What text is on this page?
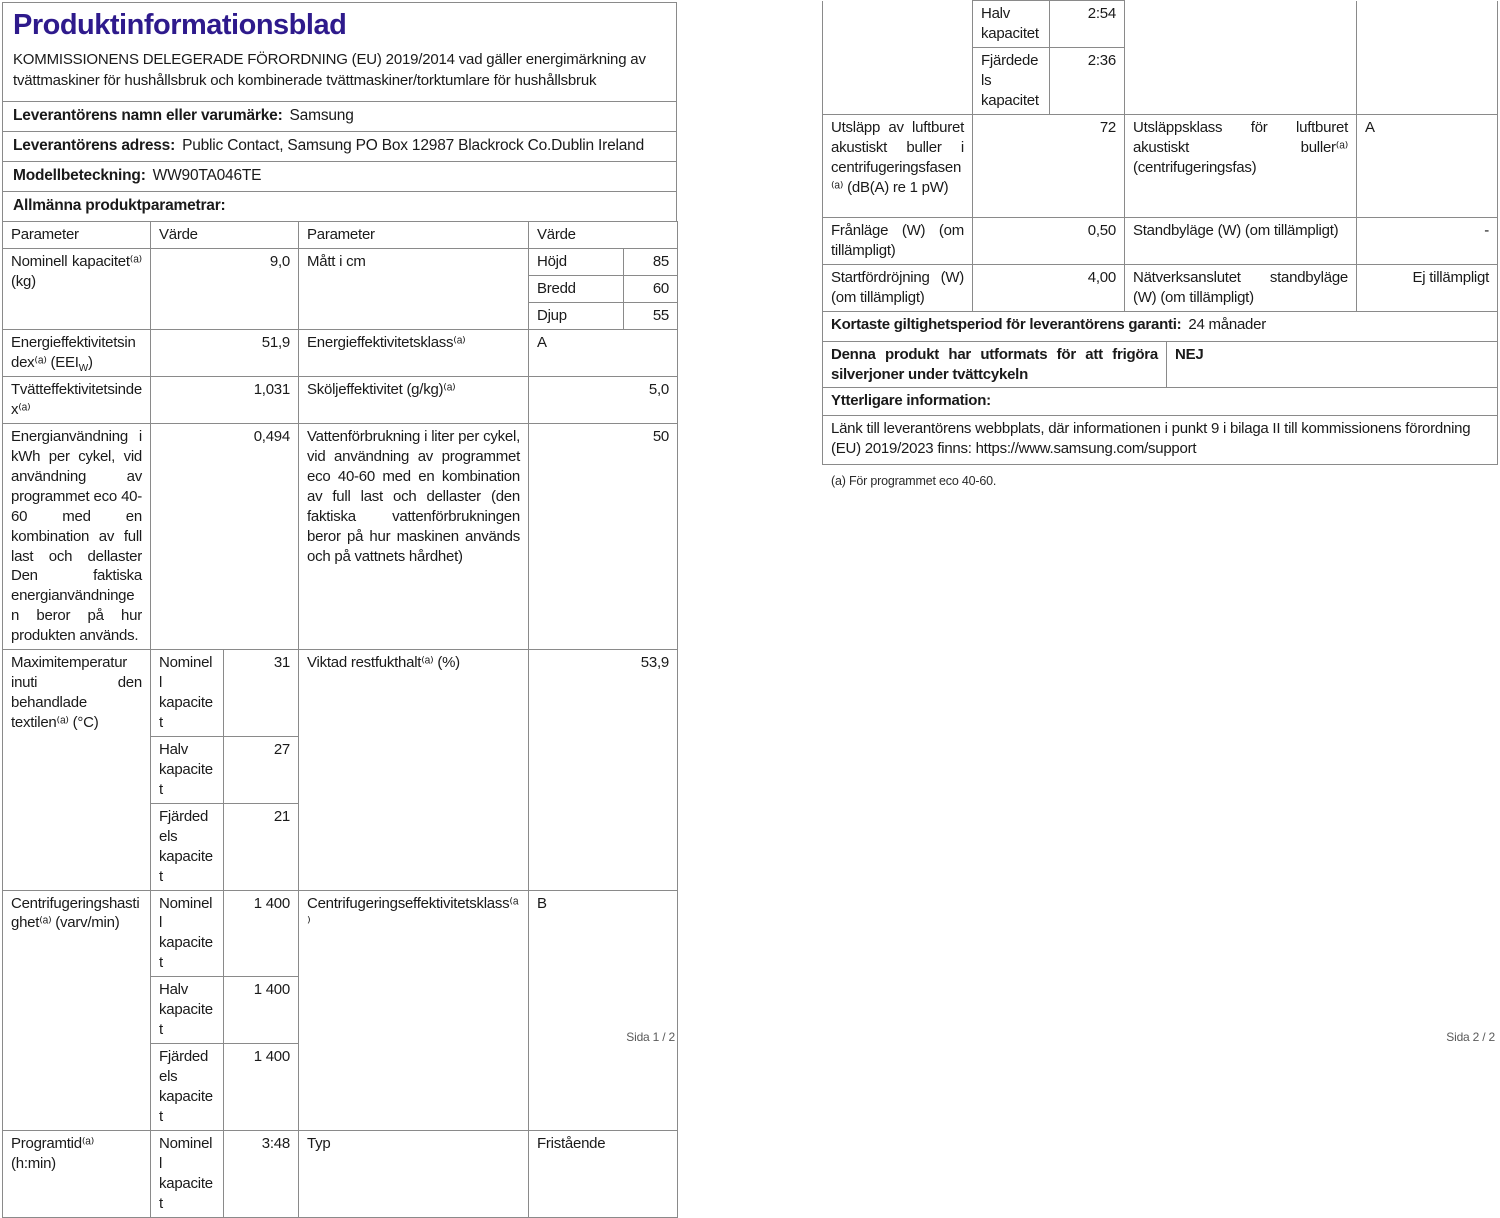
Produktinformationsblad
KOMMISSIONENS DELEGERADE FÖRORDNING (EU) 2019/2014 vad gäller energimärkning av tvättmaskiner för hushållsbruk och kombinerade tvättmaskiner/torktumlare för hushållsbruk
Leverantörens namn eller varumärke: Samsung
Leverantörens adress: Public Contact, Samsung PO Box 12987 Blackrock Co.Dublin Ireland
Modellbeteckning: WW90TA046TE
Allmänna produktparametrar:
Parameter	Värde		Parameter	Värde	
Nominell kapacitet⁽ᵃ⁾ (kg)	9,0		Mått i cm	Höjd	85
				Bredd	60
				Djup	55
Energieffektivitetsindex⁽ᵃ⁾ $(EEI_W)$	51,9		Energieffektivitetsklass⁽ᵃ⁾	A	
Tvätteffektivitetsindex⁽ᵃ⁾	1,031		Sköljeffektivitet (g/kg)⁽ᵃ⁾	5,0	
Energianvändning i kWh per cykel, vid användning av programmet eco 40-60 med en kombination av full last och dellaster Den faktiska energianvändningen beror på hur produkten används.	0,494		Vattenförbrukning i liter per cykel, vid användning av programmet eco 40-60 med en kombination av full last och dellaster (den faktiska vattenförbrukningen beror på hur maskinen används och på vattnets hårdhet)	50	
Maximitemperatur inuti den behandlade textilen⁽ᵃ⁾ (°C)	Nominell kapacitet	31	Viktad restfukthalt⁽ᵃ⁾ (%)	53,9	
	Halv kapacitet	27			
	Fjärdedels kapacitet	21			
Centrifugeringshastighet⁽ᵃ⁾ (varv/min)	Nominell kapacitet	1 400	Centrifugeringseffektivitetsklass⁽ᵃ⁾	B	
	Halv kapacitet	1 400			
	Fjärdedels kapacitet	1 400			
Programtid⁽ᵃ⁾ (h:min)	Nominell kapacitet	3:48	Typ	Fristående	
Sida 1 / 2
	Halv kapacitet	2:54			
	Fjärdedels kapacitet	2:36			
Utsläpp av luftburet akustiskt buller i centrifugeringsfasen⁽ᵃ⁾ (dB(A) re 1 pW)	72		Utsläppsklass för luftburet akustiskt buller⁽ᵃ⁾ (centrifugeringsfas)		A
Frånläge (W) (om tillämpligt)	0,50		Standbyläge (W) (om tillämpligt)		-
Startfördröjning (W) (om tillämpligt)	4,00		Nätverksanslutet standbyläge (W) (om tillämpligt)		Ej tillämpligt
Kortaste giltighetsperiod för leverantörens garanti: 24 månader					
Denna produkt har utformats för att frigöra silverjoner under tvättcykeln				NEJ	
Ytterligare information:					
Länk till leverantörens webbplats, där informationen i punkt 9 i bilaga II till kommissionens förordning (EU) 2019/2023 finns: https://www.samsung.com/support					
(a) För programmet eco 40-60.
Sida 2 / 2
